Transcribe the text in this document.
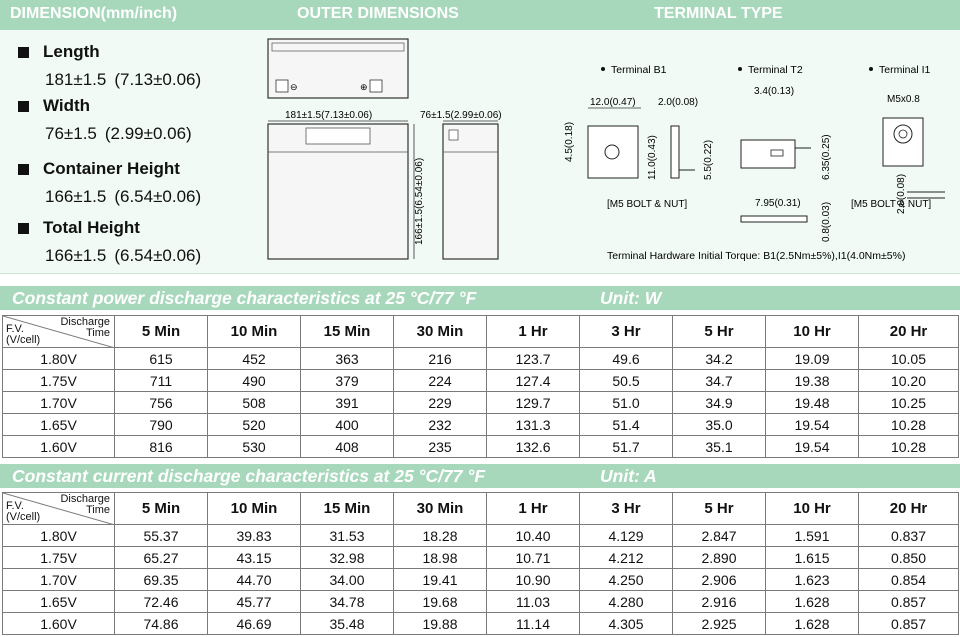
DIMENSION(mm/inch)	OUTER DIMENSIONS	TERMINAL TYPE
Length
181±1.5 (7.13±0.06)
Width
76±1.5 (2.99±0.06)
Container Height
166±1.5 (6.54±0.06)
Total Height
166±1.5 (6.54±0.06)
⊖	⊕
181±1.5(7.13±0.06)
166±1.5(6.54±0.06)
76±1.5(2.99±0.06)
Terminal B1
12.0(0.47)
4.5(0.18)	11.0(0.43)
2.0(0.08)
5.5(0.22)
[M5 BOLT & NUT]
Terminal T2
3.4(0.13)
6.35(0.25)
7.95(0.31) 0.8(0.03)
Terminal I1
M5x0.8
2.0(0.08)
[M5 BOLT & NUT]
Terminal Hardware Initial Torque: B1(2.5Nm±5%),I1(4.0Nm±5%)
Constant power discharge characteristics at 25 °C/77 °F	Unit: W
Discharge
Time
F.V.
(V/cell)	5 Min	10 Min	15 Min	30 Min	1 Hr	3 Hr	5 Hr	10 Hr	20 Hr
1.80V	615	452	363	216	123.7	49.6	34.2	19.09	10.05
1.75V	711	490	379	224	127.4	50.5	34.7	19.38	10.20
1.70V	756	508	391	229	129.7	51.0	34.9	19.48	10.25
1.65V	790	520	400	232	131.3	51.4	35.0	19.54	10.28
1.60V	816	530	408	235	132.6	51.7	35.1	19.54	10.28
Constant current discharge characteristics at 25 °C/77 °F	Unit: A
Discharge
Time
F.V.
(V/cell)	5 Min	10 Min	15 Min	30 Min	1 Hr	3 Hr	5 Hr	10 Hr	20 Hr
1.80V	55.37	39.83	31.53	18.28	10.40	4.129	2.847	1.591	0.837
1.75V	65.27	43.15	32.98	18.98	10.71	4.212	2.890	1.615	0.850
1.70V	69.35	44.70	34.00	19.41	10.90	4.250	2.906	1.623	0.854
1.65V	72.46	45.77	34.78	19.68	11.03	4.280	2.916	1.628	0.857
1.60V	74.86	46.69	35.48	19.88	11.14	4.305	2.925	1.628	0.857
